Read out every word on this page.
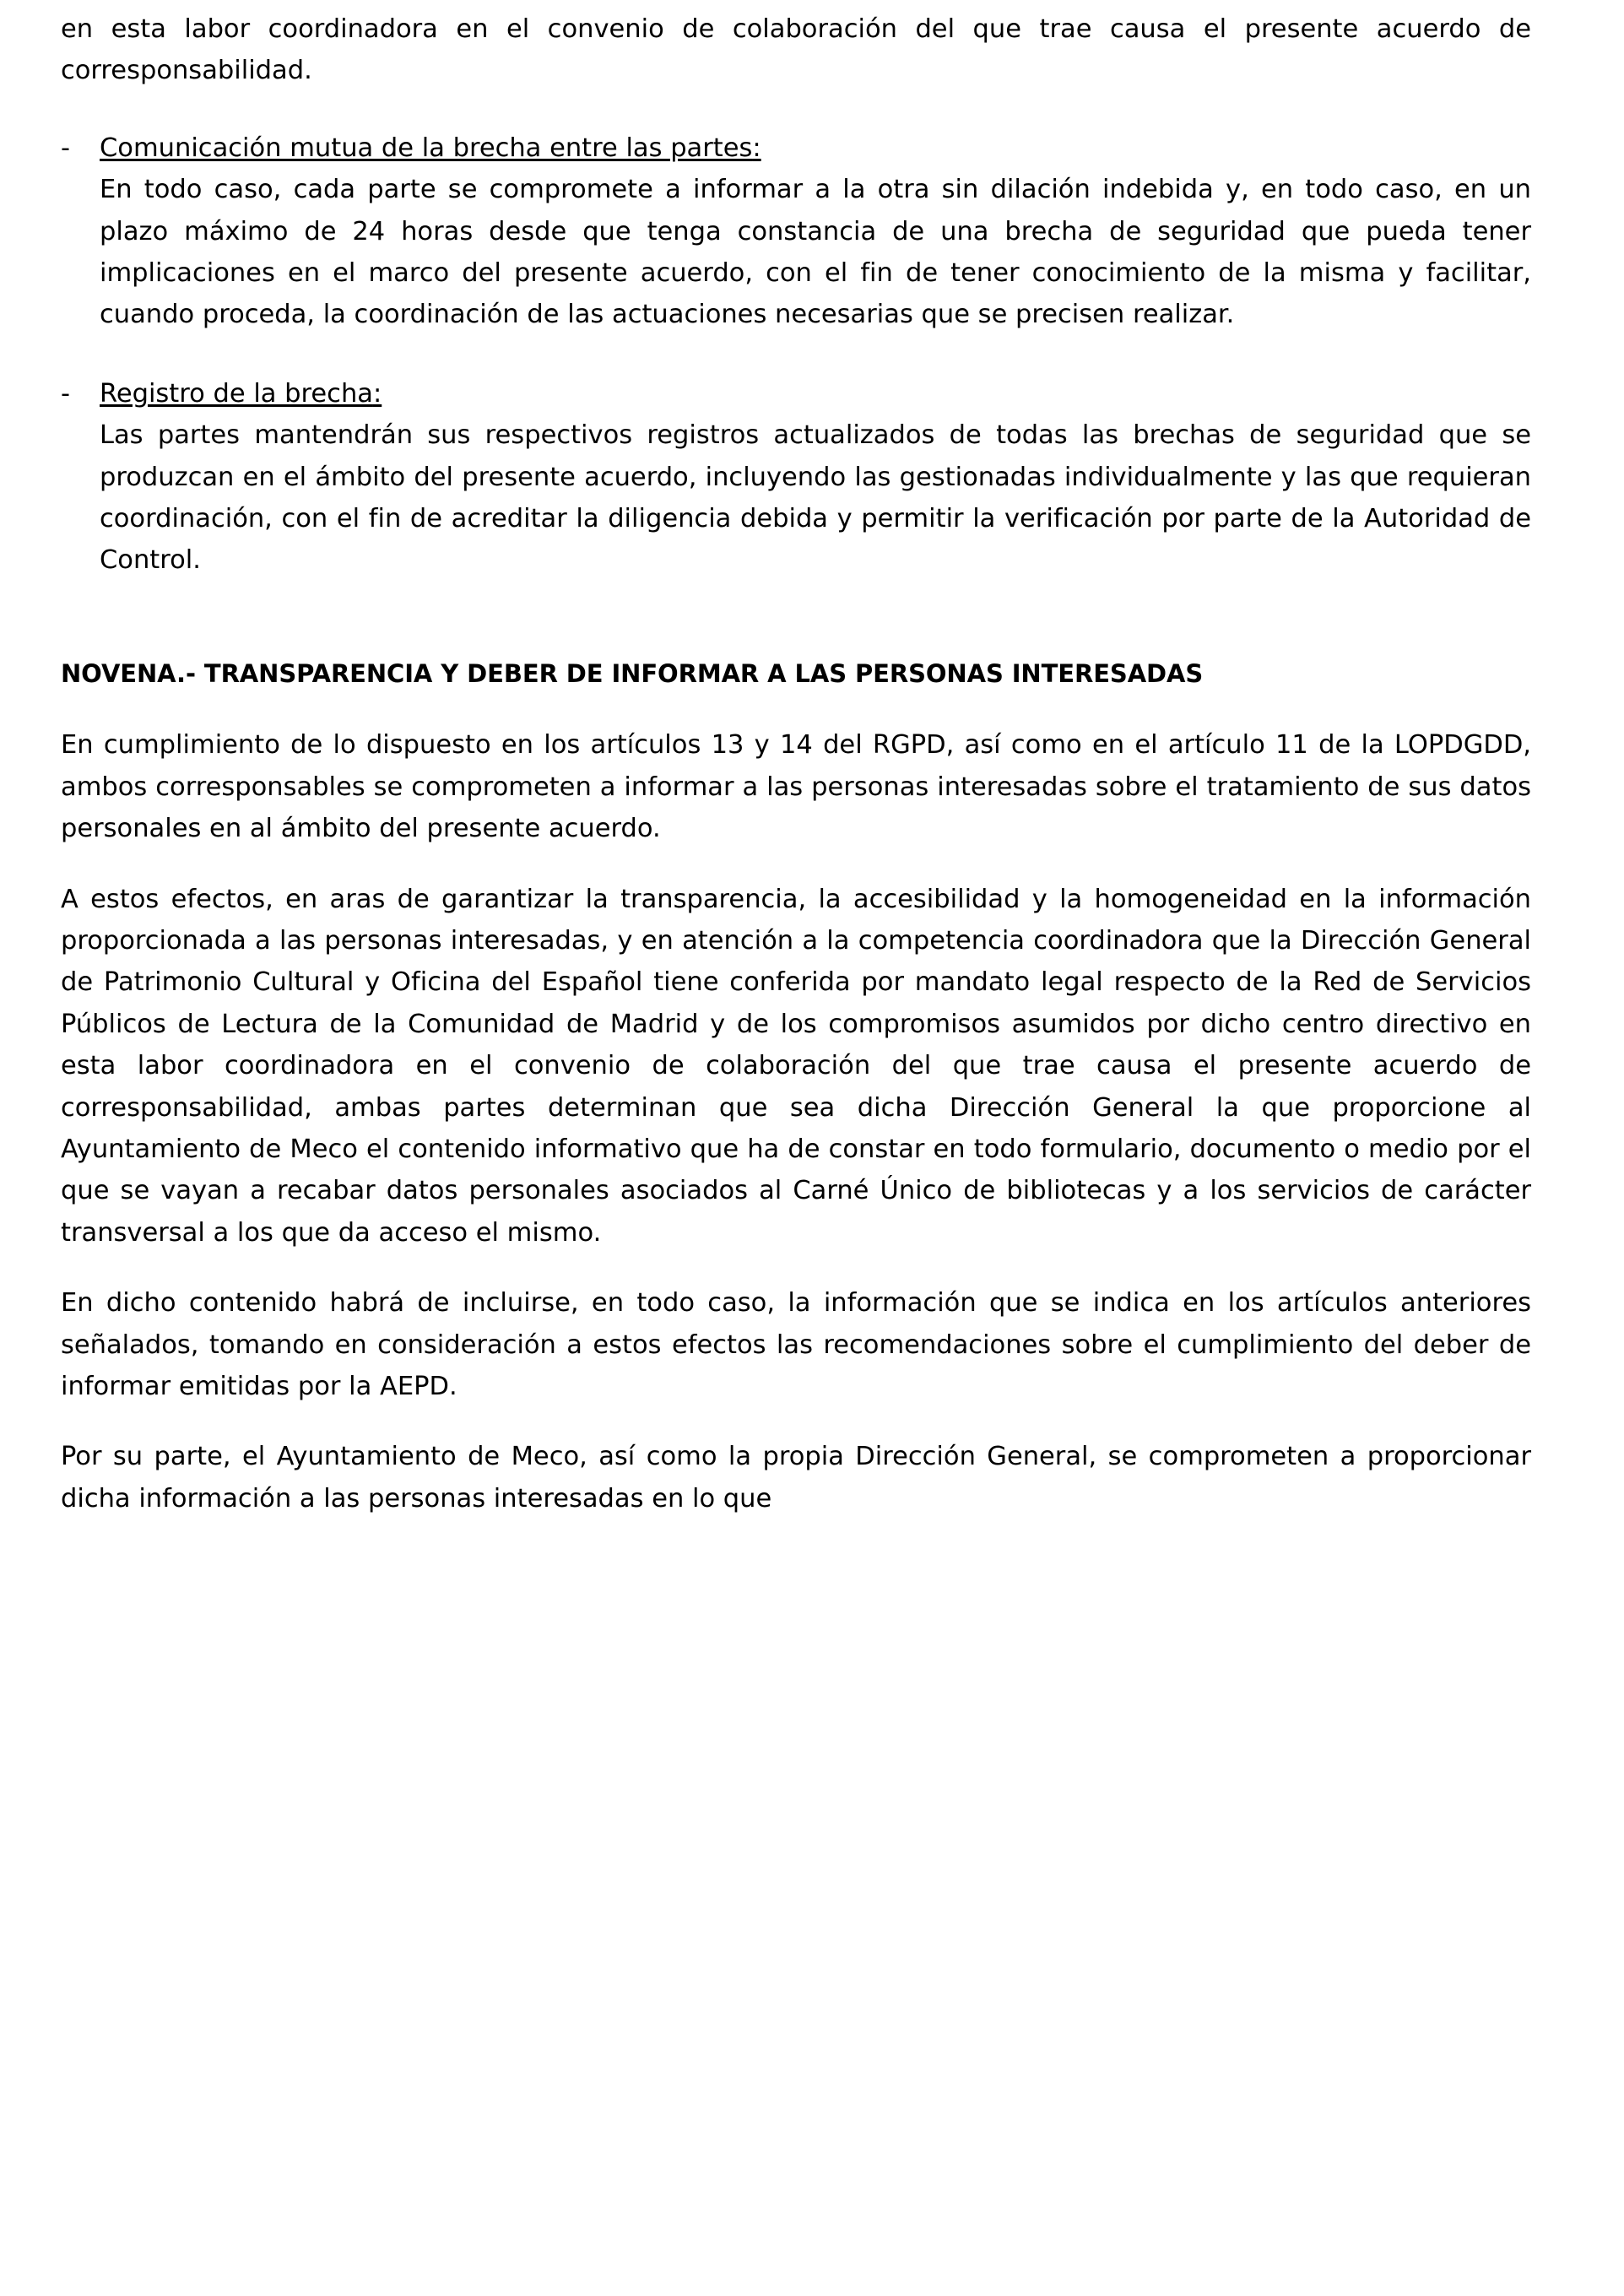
en esta labor coordinadora en el convenio de colaboración del que trae causa el presente acuerdo de corresponsabilidad.

-	Comunicación mutua de la brecha entre las partes:

En todo caso, cada parte se compromete a informar a la otra sin dilación indebida y, en todo caso, en un plazo máximo de 24 horas desde que tenga constancia de una brecha de seguridad que pueda tener implicaciones en el marco del presente acuerdo, con el fin de tener conocimiento de la misma y facilitar, cuando proceda, la coordinación de las actuaciones necesarias que se precisen realizar.

-	Registro de la brecha:

Las partes mantendrán sus respectivos registros actualizados de todas las brechas de seguridad que se produzcan en el ámbito del presente acuerdo, incluyendo las gestionadas individualmente y las que requieran coordinación, con el fin de acreditar la diligencia debida y permitir la verificación por parte de la Autoridad de Control.

NOVENA.- TRANSPARENCIA Y DEBER DE INFORMAR A LAS PERSONAS INTERESADAS

En cumplimiento de lo dispuesto en los artículos 13 y 14 del RGPD, así como en el artículo 11 de la LOPDGDD, ambos corresponsables se comprometen a informar a las personas interesadas sobre el tratamiento de sus datos personales en al ámbito del presente acuerdo.

A estos efectos, en aras de garantizar la transparencia, la accesibilidad y la homogeneidad en la información proporcionada a las personas interesadas, y en atención a la competencia coordinadora que la Dirección General de Patrimonio Cultural y Oficina del Español tiene conferida por mandato legal respecto de la Red de Servicios Públicos de Lectura de la Comunidad de Madrid y de los compromisos asumidos por dicho centro directivo en esta labor coordinadora en el convenio de colaboración del que trae causa el presente acuerdo de corresponsabilidad, ambas partes determinan que sea dicha Dirección General la que proporcione al Ayuntamiento de Meco el contenido informativo que ha de constar en todo formulario, documento o medio por el que se vayan a recabar datos personales asociados al Carné Único de bibliotecas y a los servicios de carácter transversal a los que da acceso el mismo.

En dicho contenido habrá de incluirse, en todo caso, la información que se indica en los artículos anteriores señalados, tomando en consideración a estos efectos las recomendaciones sobre el cumplimiento del deber de informar emitidas por la AEPD.

Por su parte, el Ayuntamiento de Meco, así como la propia Dirección General, se comprometen a proporcionar dicha información a las personas interesadas en lo que
